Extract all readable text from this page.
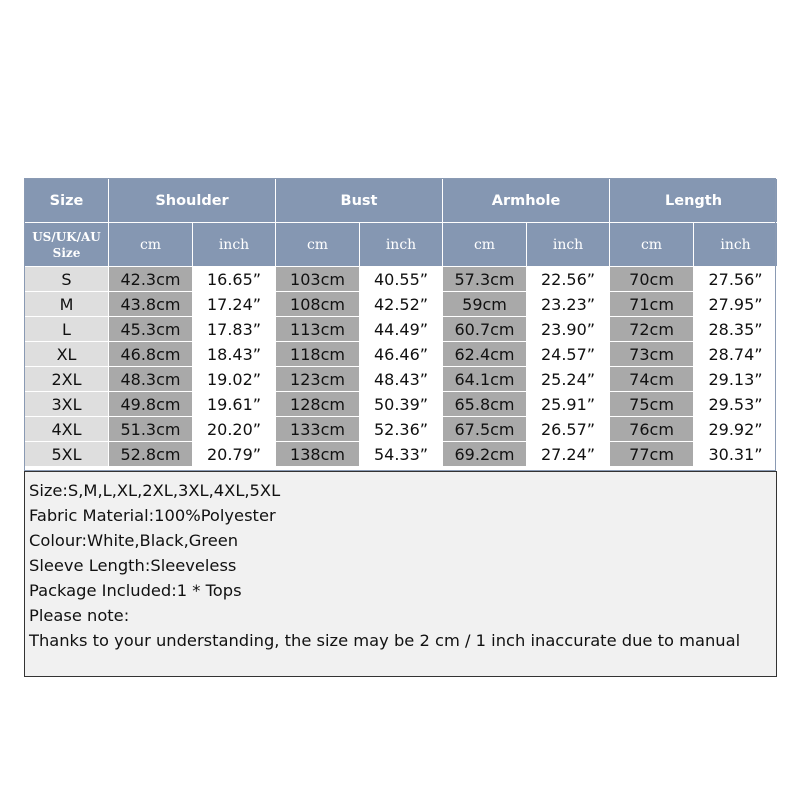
Size	Shoulder		Bust		Armhole		Length	
US/UK/AU
Size	cm	inch	cm	inch	cm	inch	cm	inch
S	42.3cm	16.65”	103cm	40.55”	57.3cm	22.56”	70cm	27.56”
M	43.8cm	17.24”	108cm	42.52”	59cm	23.23”	71cm	27.95”
L	45.3cm	17.83”	113cm	44.49”	60.7cm	23.90”	72cm	28.35”
XL	46.8cm	18.43”	118cm	46.46”	62.4cm	24.57”	73cm	28.74”
2XL	48.3cm	19.02”	123cm	48.43”	64.1cm	25.24”	74cm	29.13”
3XL	49.8cm	19.61”	128cm	50.39”	65.8cm	25.91”	75cm	29.53”
4XL	51.3cm	20.20”	133cm	52.36”	67.5cm	26.57”	76cm	29.92”
5XL	52.8cm	20.79”	138cm	54.33”	69.2cm	27.24”	77cm	30.31”
Size:S,M,L,XL,2XL,3XL,4XL,5XL
Fabric Material:100%Polyester
Colour:White,Black,Green
Sleeve Length:Sleeveless
Package Included:1 * Tops
Please note:
Thanks to your understanding, the size may be 2 cm / 1 inch inaccurate due to manual
